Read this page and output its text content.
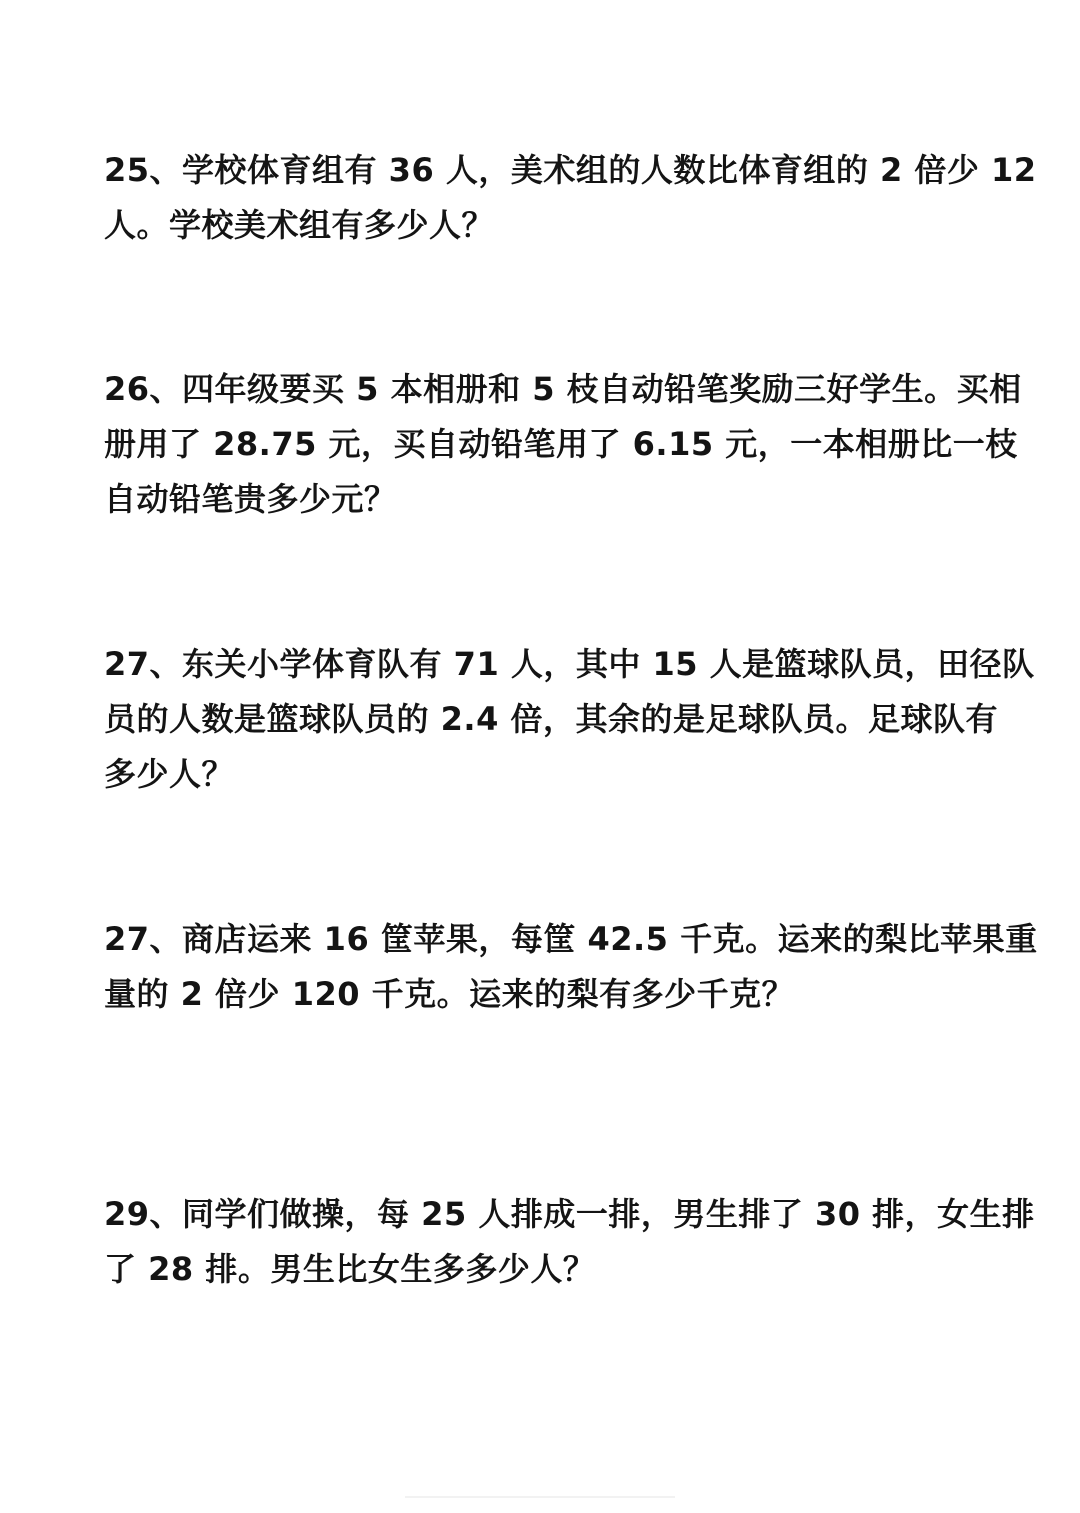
25、学校体育组有 36 人，美术组的人数比体育组的 2 倍少 12
人。学校美术组有多少人？
26、四年级要买 5 本相册和 5 枝自动铅笔奖励三好学生。买相
册用了 28.75 元，买自动铅笔用了 6.15 元，一本相册比一枝
自动铅笔贵多少元？
27、东关小学体育队有 71 人，其中 15 人是篮球队员，田径队
员的人数是篮球队员的 2.4 倍，其余的是足球队员。足球队有
多少人？
27、商店运来 16 筐苹果，每筐 42.5 千克。运来的梨比苹果重
量的 2 倍少 120 千克。运来的梨有多少千克？
29、同学们做操，每 25 人排成一排，男生排了 30 排，女生排
了 28 排。男生比女生多多少人？
